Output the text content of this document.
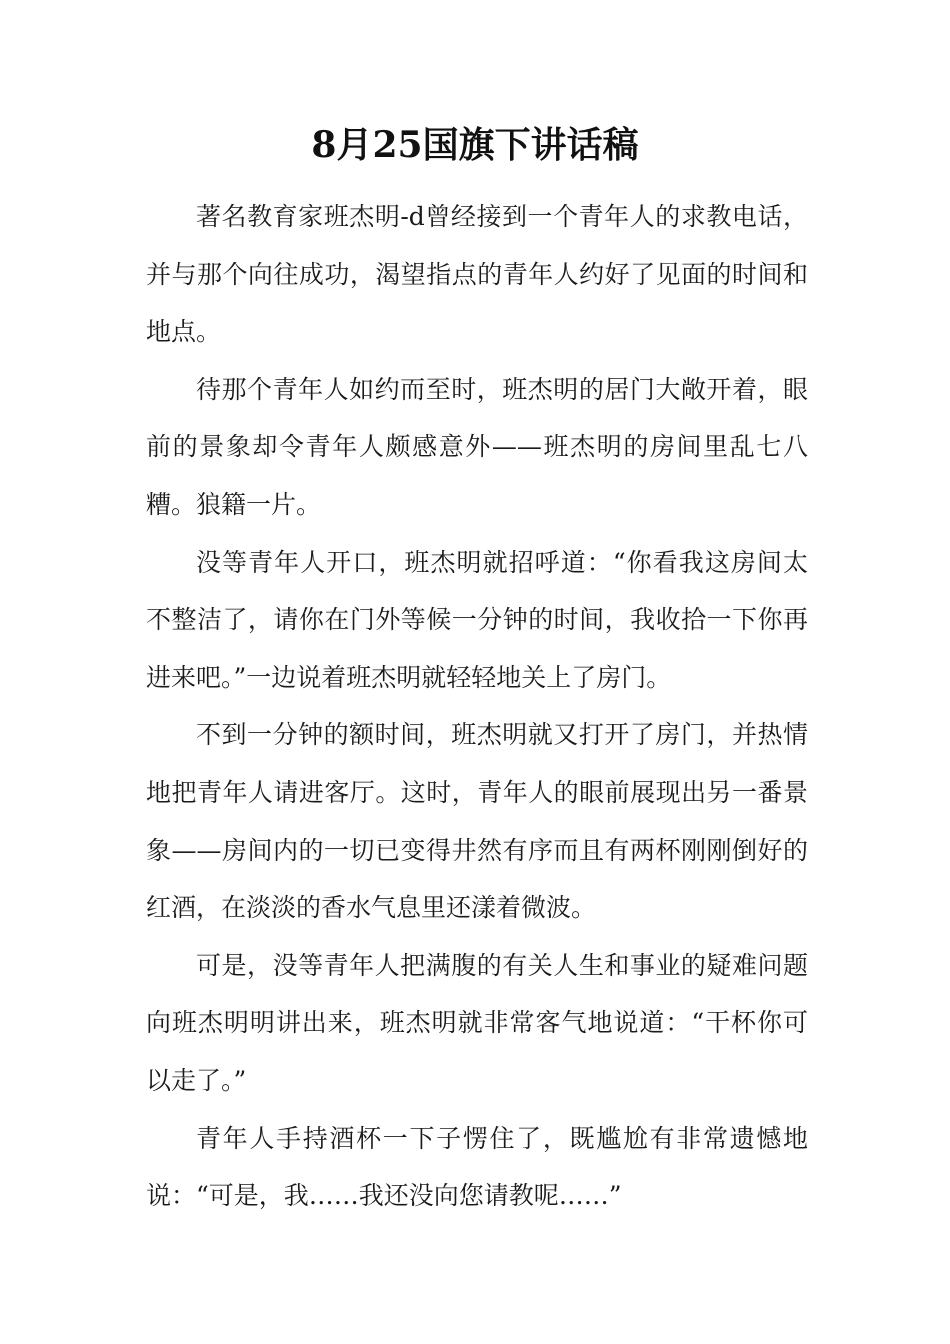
8月25国旗下讲话稿

著名教育家班杰明-d曾经接到一个青年人的求教电话，并与那个向往成功，渴望指点的青年人约好了见面的时间和地点。

待那个青年人如约而至时，班杰明的居门大敞开着，眼前的景象却令青年人颇感意外——班杰明的房间里乱七八糟。狼籍一片。

没等青年人开口，班杰明就招呼道：“你看我这房间太不整洁了，请你在门外等候一分钟的时间，我收拾一下你再进来吧。”一边说着班杰明就轻轻地关上了房门。

不到一分钟的额时间，班杰明就又打开了房门，并热情地把青年人请进客厅。这时，青年人的眼前展现出另一番景象——房间内的一切已变得井然有序而且有两杯刚刚倒好的红酒，在淡淡的香水气息里还漾着微波。

可是，没等青年人把满腹的有关人生和事业的疑难问题向班杰明明讲出来，班杰明就非常客气地说道：“干杯你可以走了。”

青年人手持酒杯一下子愣住了，既尴尬有非常遗憾地说：“可是，我……我还没向您请教呢……”
